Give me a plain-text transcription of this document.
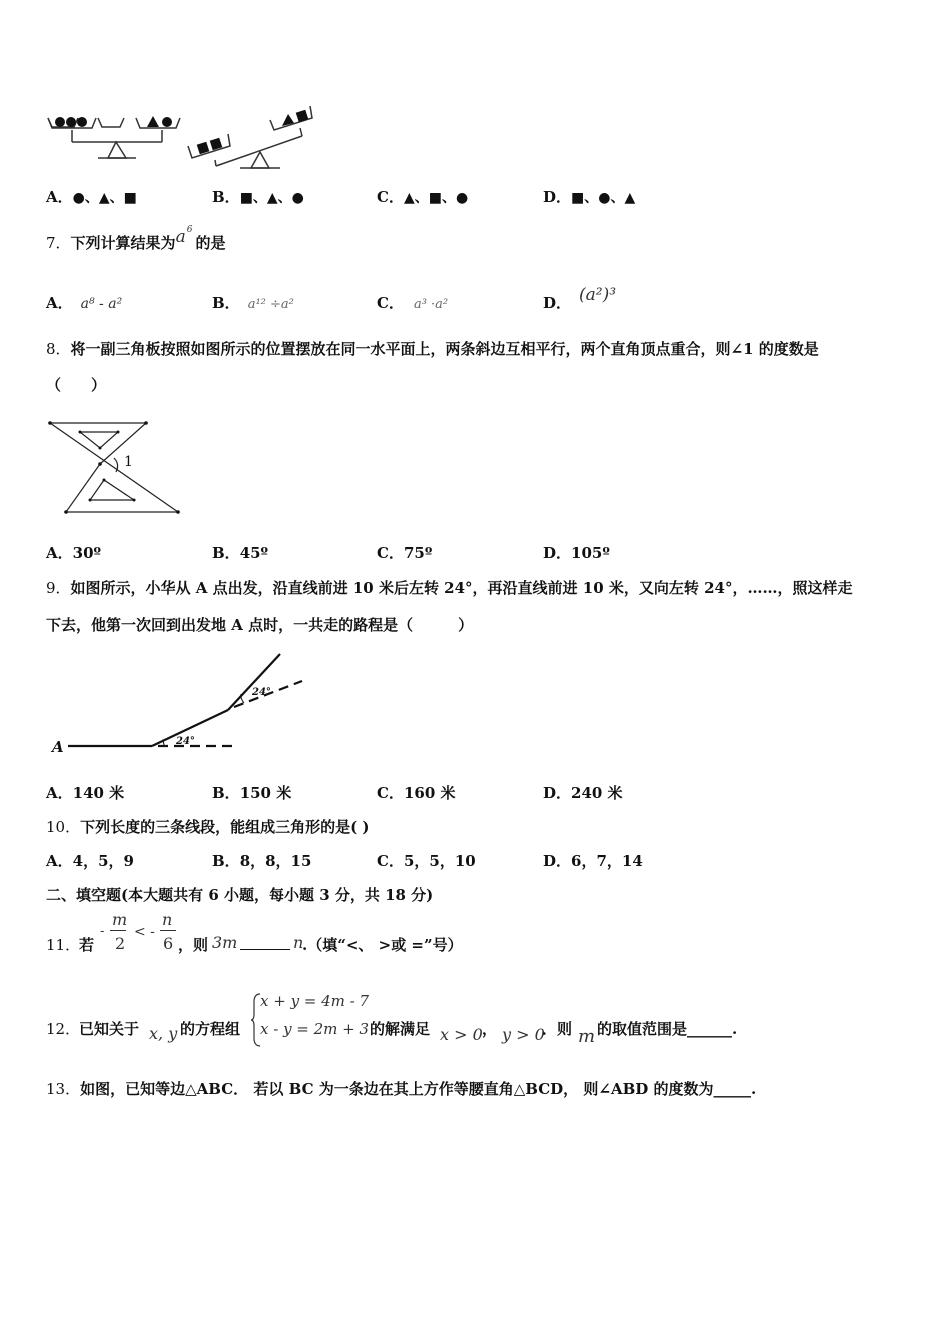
A．●、▲、■	B．■、▲、●	C．▲、■、●	D．■、●、▲
7．下列计算结果为$a^6$的是
A． a⁸ - a²	B． a¹² ÷a²	C． a³ ·a²	D． (a²)³
8．将一副三角板按照如图所示的位置摆放在同一水平面上，两条斜边互相平行，两个直角顶点重合，则∠1 的度数是
（　　）
1
A．30º	B．45º	C．75º	D．105º
9．如图所示，小华从 A 点出发，沿直线前进 10 米后左转 24°，再沿直线前进 10 米，又向左转 24°，……，照这样走
下去，他第一次回到出发地 A 点时，一共走的路程是（　　　）
A	24°
24°
A．140 米	B．150 米	C．160 米	D．240 米
10．下列长度的三条线段，能组成三角形的是( )
A．4，5，9	B．8，8，15	C．5，5，10	D．6，7，14
二、填空题(本大题共有 6 小题，每小题 3 分，共 18 分)
11．
若
-
m
2
< -
n
6 ，则 3m	n
.（填“<、 >或 =”号）
12．
已知关于 x, y 的方程组
x + y = 4m - 7
x - y = 2m + 3 的解满足 x > 0 ， y > 0
．则 m 的取值范围是______.
13．如图，已知等边△ABC． 若以 BC 为一条边在其上方作等腰直角△BCD， 则∠ABD 的度数为_____.
